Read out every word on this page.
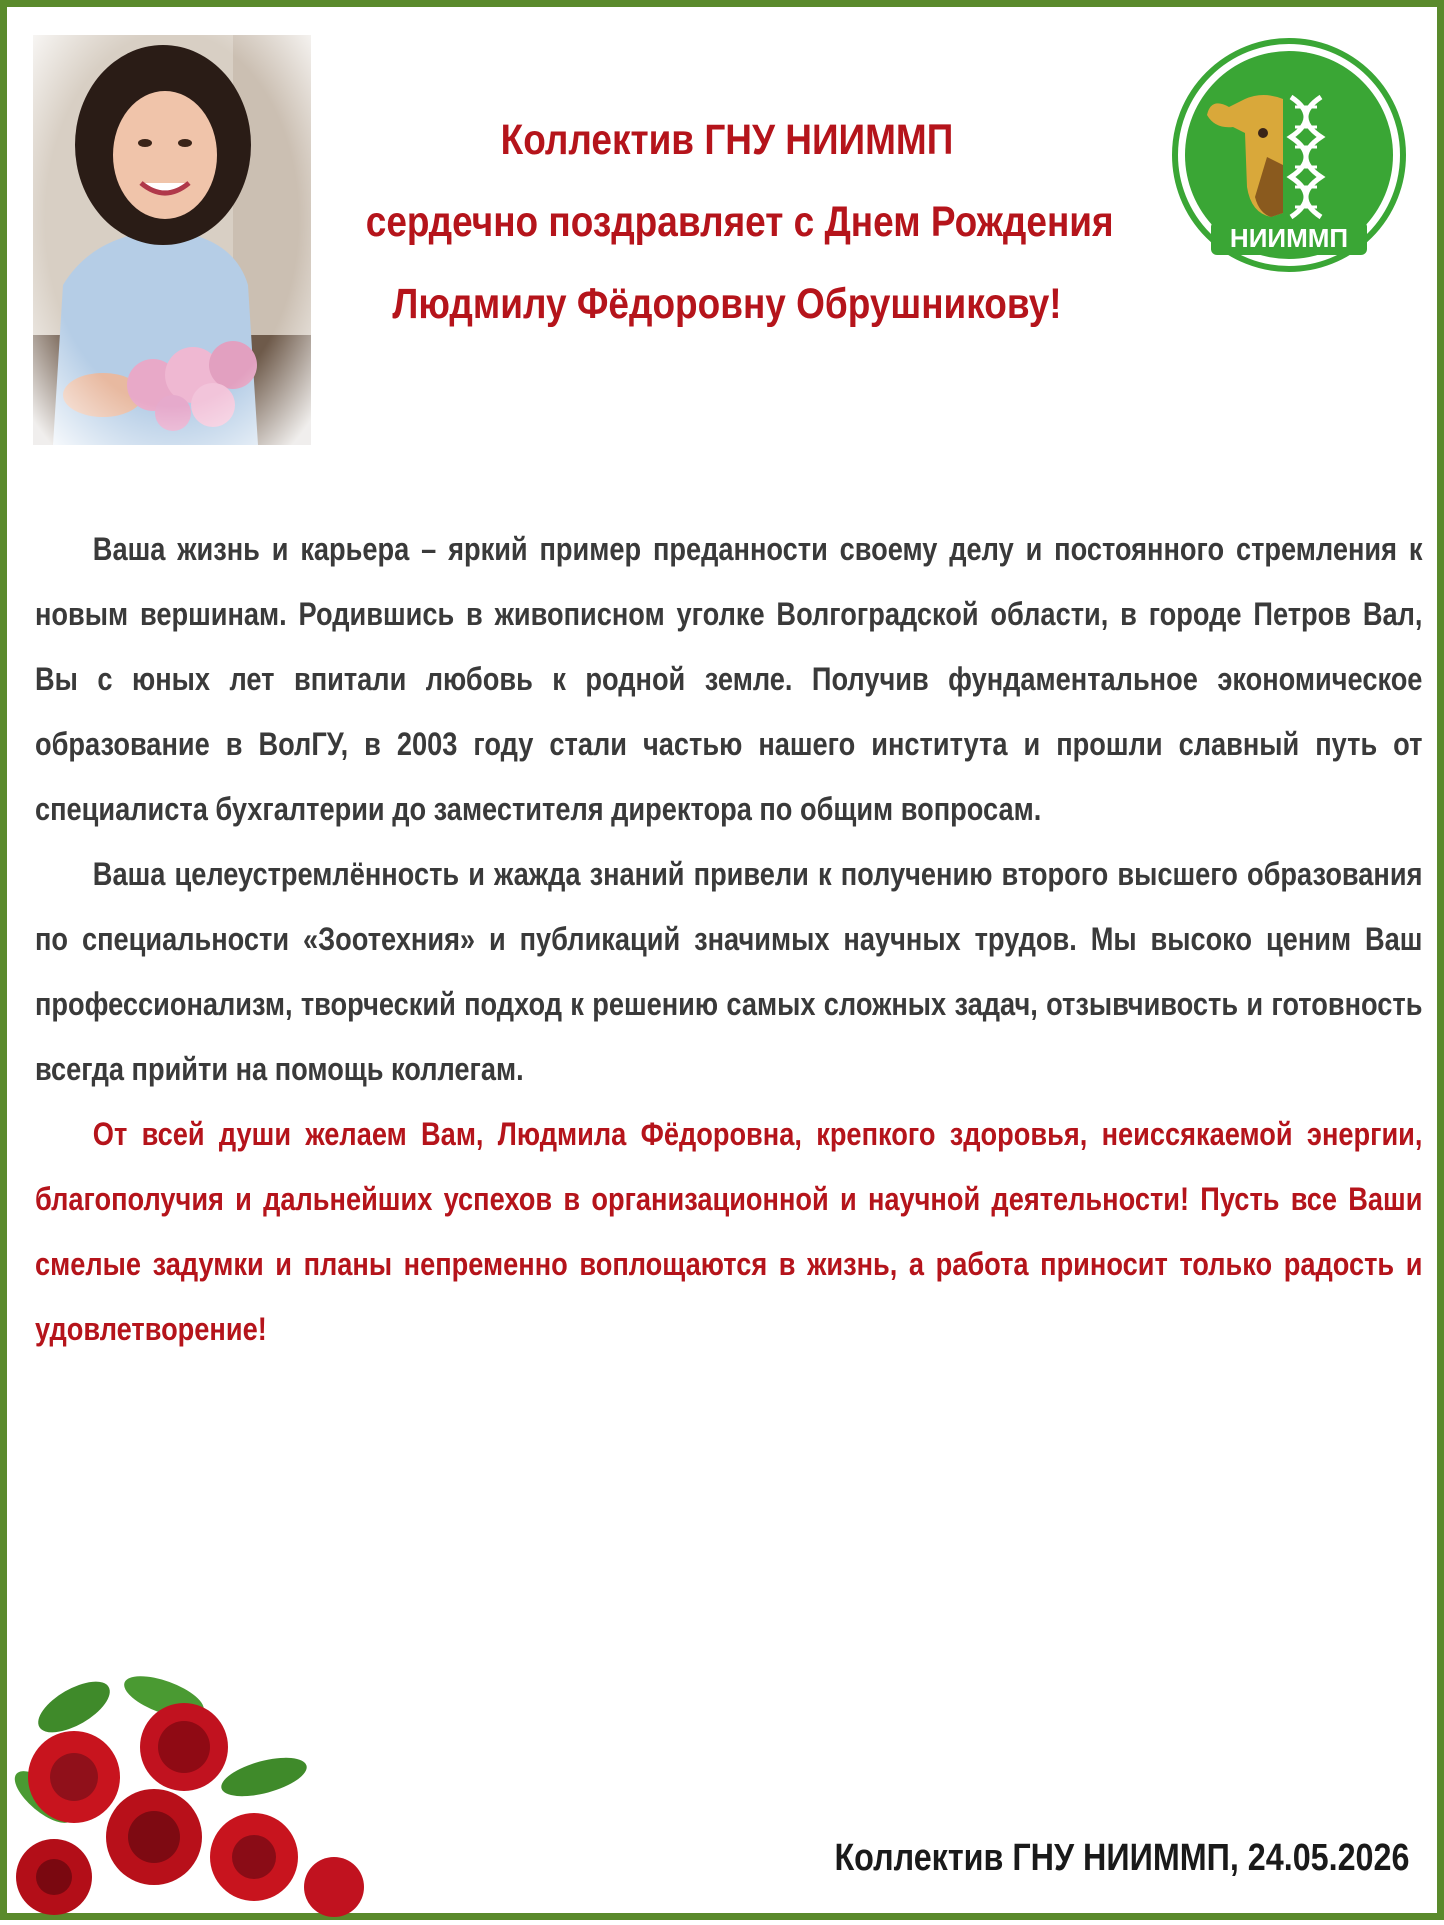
Коллектив ГНУ НИИММП
сердечно поздравляет с Днем Рождения
Людмилу Фёдоровну Обрушникову!
НИИММП

Ваша жизнь и карьера – яркий пример преданности своему делу и постоянного стремления к новым вершинам. Родившись в живописном уголке Волгоградской области, в городе Петров Вал, Вы с юных лет впитали любовь к родной земле. Получив фундаментальное экономическое образование в ВолГУ, в 2003 году стали частью нашего института и прошли славный путь от специалиста бухгалтерии до заместителя директора по общим вопросам.

Ваша целеустремлённость и жажда знаний привели к получению второго высшего образования по специальности «Зоотехния» и публикаций значимых научных трудов. Мы высоко ценим Ваш профессионализм, творческий подход к решению самых сложных задач, отзывчивость и готовность всегда прийти на помощь коллегам.

От всей души желаем Вам, Людмила Фёдоровна, крепкого здоровья, неиссякаемой энергии, благополучия и дальнейших успехов в организационной и научной деятельности! Пусть все Ваши смелые задумки и планы непременно воплощаются в жизнь, а работа приносит только радость и удовлетворение!

Коллектив ГНУ НИИММП, 24.05.2026
